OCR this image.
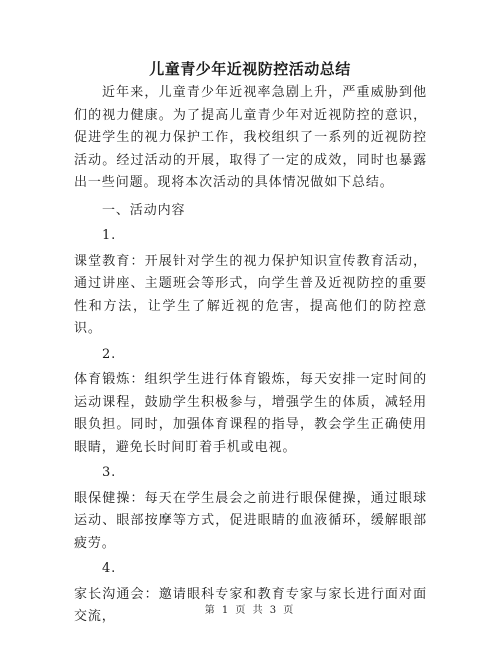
儿童青少年近视防控活动总结

近年来，儿童青少年近视率急剧上升，严重威胁到他们的视力健康。为了提高儿童青少年对近视防控的意识，促进学生的视力保护工作，我校组织了一系列的近视防控活动。经过活动的开展，取得了一定的成效，同时也暴露出一些问题。现将本次活动的具体情况做如下总结。

一、活动内容

1.

课堂教育：开展针对学生的视力保护知识宣传教育活动，通过讲座、主题班会等形式，向学生普及近视防控的重要性和方法，让学生了解近视的危害，提高他们的防控意识。

2.

体育锻炼：组织学生进行体育锻炼，每天安排一定时间的运动课程，鼓励学生积极参与，增强学生的体质，减轻用眼负担。同时，加强体育课程的指导，教会学生正确使用眼睛，避免长时间盯着手机或电视。

3.

眼保健操：每天在学生晨会之前进行眼保健操，通过眼球运动、眼部按摩等方式，促进眼睛的血液循环，缓解眼部疲劳。

4.

家长沟通会：邀请眼科专家和教育专家与家长进行面对面交流，	第 1 页 共 3 页
